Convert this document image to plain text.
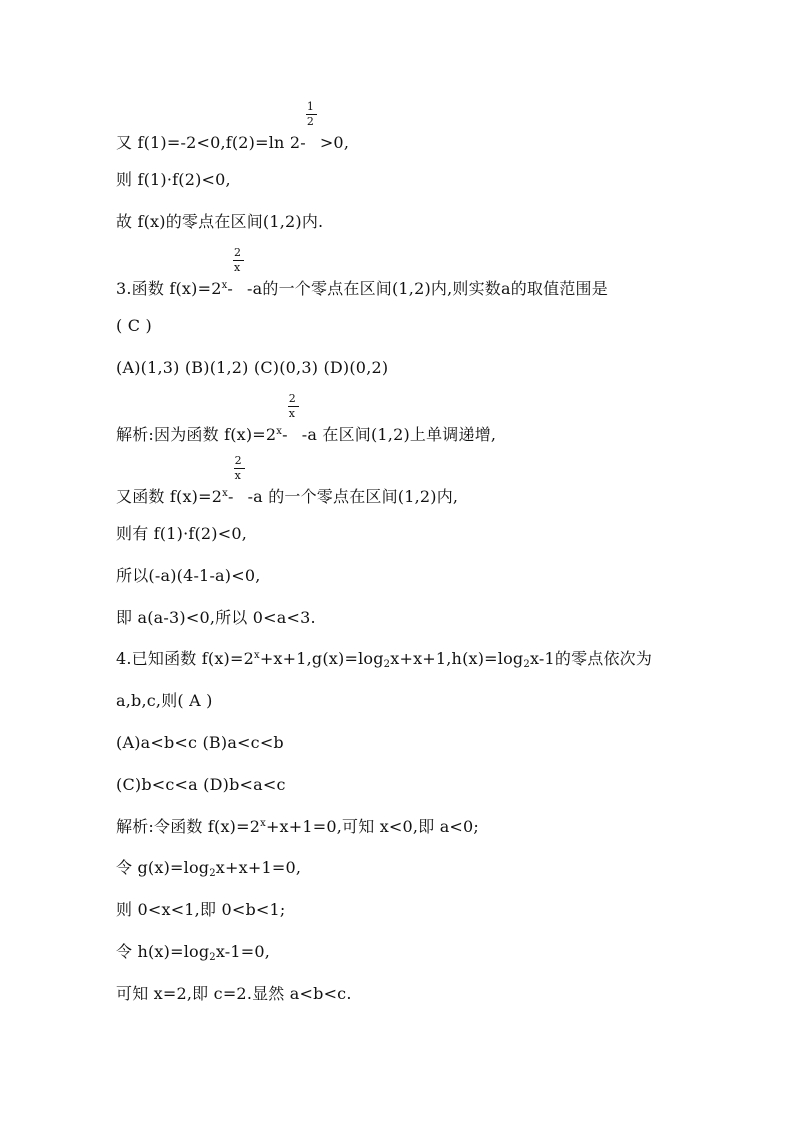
又 f(1)=-2<0,f(2)=ln $2- \frac{1}{2} >0$,
则 f(1)·f(2)<0,
故 f(x)的零点在区间(1,2)内.
3.函数 $f(x)=2^x- \frac{2}{x} -a$的一个零点在区间(1,2)内,则实数a的取值范围是
( C )
(A)(1,3) (B)(1,2) (C)(0,3) (D)(0,2)
解析:因为函数 $f(x)=2^x- \frac{2}{x} -a$ 在区间(1,2)上单调递增,
又函数 $f(x)=2^x- \frac{2}{x} -a$ 的一个零点在区间(1,2)内,
则有 f(1)·f(2)<0,
所以(-a)(4-1-a)<0,
即 a(a-3)<0,所以 0<a<3.
4.已知函数 $f(x)=2^x+x+1,g(x)=\log_2x+x+1,h(x)=\log_2x-1$的零点依次为
a,b,c,则( A )
(A)a<b<c (B)a<c<b
(C)b<c<a (D)b<a<c
解析:令函数 $f(x)=2^x+x+1=0$,可知 x<0,即 a<0;
令 $g(x)=\log_2x+x+1=0$,
则 0<x<1,即 0<b<1;
令 $h(x)=\log_2x-1=0$,
可知 x=2,即 c=2.显然 a<b<c.
